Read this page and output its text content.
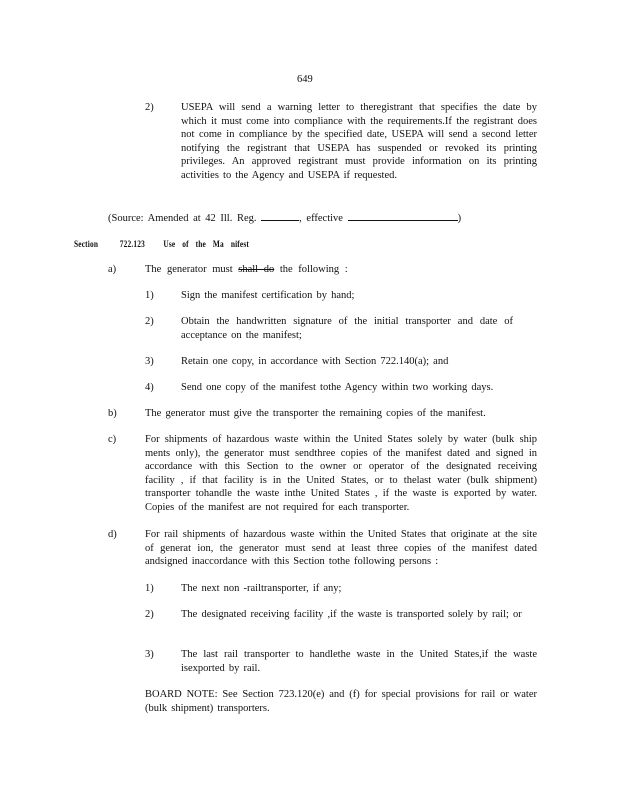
649
2)	USEPA will send a warning letter to theregistrant that specifies the date by which it must come into compliance with the requirements.If the registrant does not come in compliance by the specified date, USEPA will send a second letter notifying the registrant that USEPA has suspended or revoked its printing privileges. An approved registrant must provide information on its printing activities to the Agency and USEPA if requested.
(Source: Amended at 42 Ill. Reg.	, effective	)
Section 722.123 Use of the Ma nifest
a)	The generator must shall do the following :
1)	Sign the manifest certification by hand;
2)	Obtain the handwritten signature of the initial transporter and date of acceptance on the manifest;
3)	Retain one copy, in accordance with Section 722.140(a); and
4)	Send one copy of the manifest tothe Agency within two working days.
b)	The generator must give the transporter the remaining copies of the manifest.
c)	For shipments of hazardous waste within the United States solely by water (bulk ship ments only), the generator must sendthree copies of the manifest dated and signed in accordance with this Section to the owner or operator of the designated receiving facility , if that facility is in the United States, or to thelast water (bulk shipment) transporter tohandle the waste inthe United States , if the waste is exported by water. Copies of the manifest are not required for each transporter.
d)	For rail shipments of hazardous waste within the United States that originate at the site of generat ion, the generator must send at least three copies of the manifest dated andsigned inaccordance with this Section tothe following persons :
1)	The next non -railtransporter, if any;
2)	The designated receiving facility ,if the waste is transported solely by rail; or
3)	The last rail transporter to handlethe waste in the United States,if the waste isexported by rail.
BOARD NOTE: See Section 723.120(e) and (f) for special provisions for rail or water (bulk shipment) transporters.
